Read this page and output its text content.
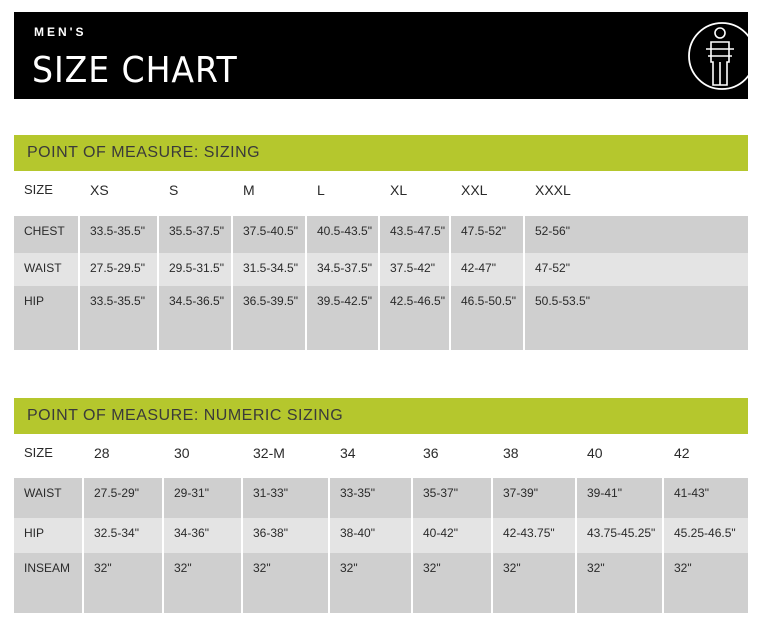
MEN'S
SIZE CHART
POINT OF MEASURE: SIZING
SIZE	XS	S	M	L	XL	XXL	XXXL
CHEST	33.5-35.5"	35.5-37.5"	37.5-40.5"	40.5-43.5"	43.5-47.5"	47.5-52"	52-56"
WAIST	27.5-29.5"	29.5-31.5"	31.5-34.5"	34.5-37.5"	37.5-42"	42-47"	47-52"
HIP	33.5-35.5"	34.5-36.5"	36.5-39.5"	39.5-42.5"	42.5-46.5"	46.5-50.5"	50.5-53.5"
POINT OF MEASURE: NUMERIC SIZING
SIZE	28	30	32-M	34	36	38	40	42
WAIST	27.5-29"	29-31"	31-33"	33-35"	35-37"	37-39"	39-41"	41-43"
HIP	32.5-34"	34-36"	36-38"	38-40"	40-42"	42-43.75"	43.75-45.25"	45.25-46.5"
INSEAM	32"	32"	32"	32"	32"	32"	32"	32"
